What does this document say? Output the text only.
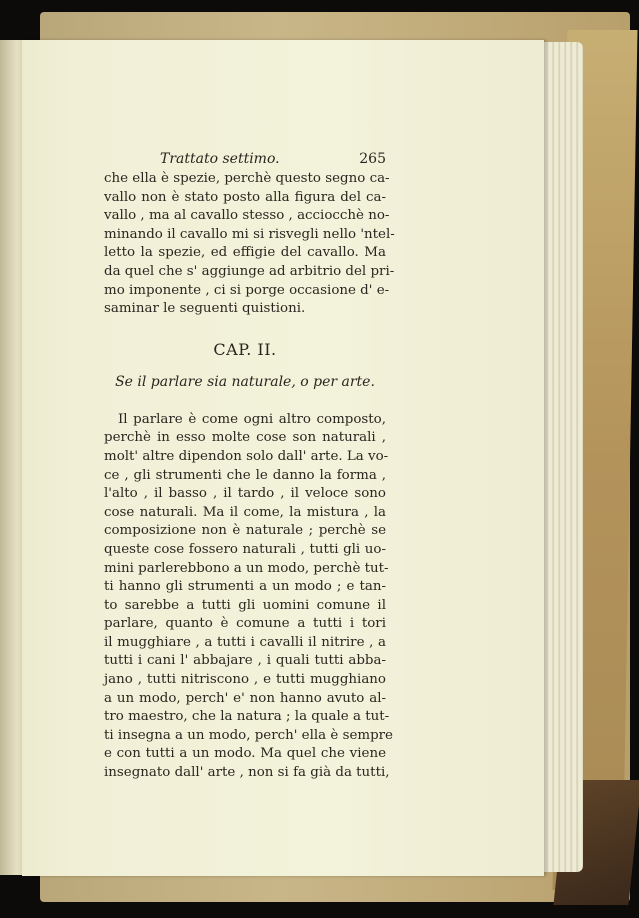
Trattato settimo.	265
che ella è spezie, perchè questo segno ca-
vallo non è stato posto alla figura del ca-
vallo , ma al cavallo stesso , acciocchè no-
minando il cavallo mi si risvegli nello 'ntel-
letto la spezie, ed effigie del cavallo. Ma
da quel che s' aggiunge ad arbitrio del pri-
mo imponente , ci si porge occasione d' e-
saminar le seguenti quistioni.
CAP. II.
Se il parlare sia naturale, o per arte.
Il parlare è come ogni altro composto,
perchè in esso molte cose son naturali ,
molt' altre dipendon solo dall' arte. La vo-
ce , gli strumenti che le danno la forma ,
l'alto , il basso , il tardo , il veloce sono
cose naturali. Ma il come, la mistura , la
composizione non è naturale ; perchè se
queste cose fossero naturali , tutti gli uo-
mini parlerebbono a un modo, perchè tut-
ti hanno gli strumenti a un modo ; e tan-
to sarebbe a tutti gli uomini comune il
parlare, quanto è comune a tutti i tori
il mugghiare , a tutti i cavalli il nitrire , a
tutti i cani l' abbajare , i quali tutti abba-
jano , tutti nitriscono , e tutti mugghiano
a un modo, perch' e' non hanno avuto al-
tro maestro, che la natura ; la quale a tut-
ti insegna a un modo, perch' ella è sempre
e con tutti a un modo. Ma quel che viene
insegnato dall' arte , non si fa già da tutti,
